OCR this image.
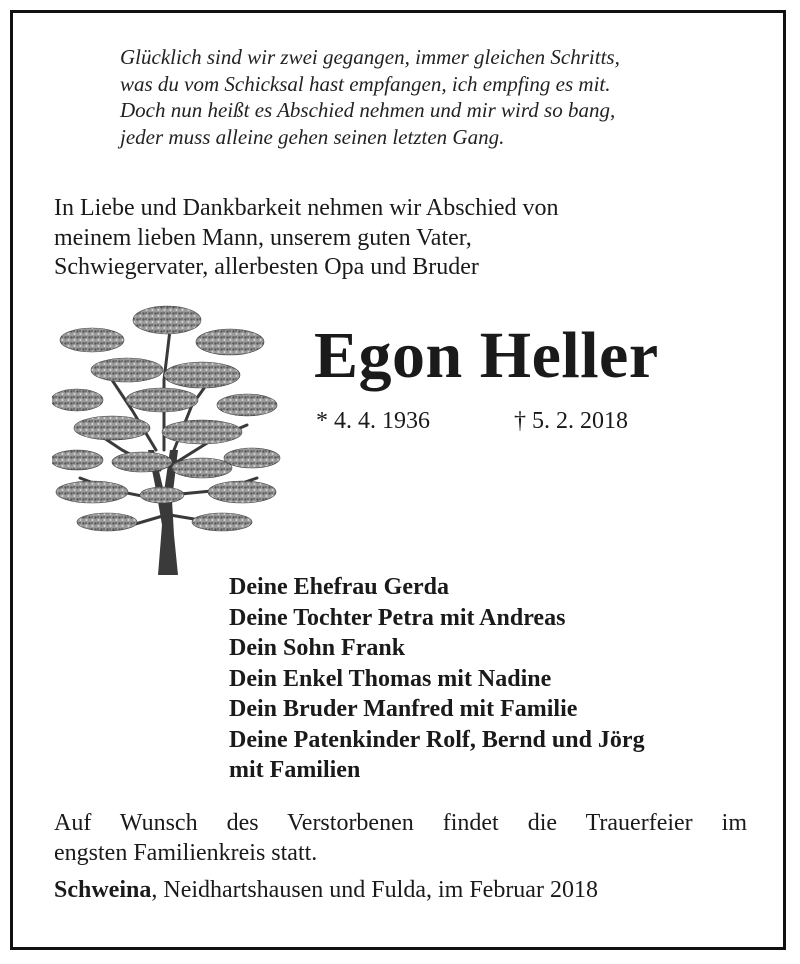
Glücklich sind wir zwei gegangen, immer gleichen Schritts,
was du vom Schicksal hast empfangen, ich empfing es mit.
Doch nun heißt es Abschied nehmen und mir wird so bang,
jeder muss alleine gehen seinen letzten Gang.
In Liebe und Dankbarkeit nehmen wir Abschied von
meinem lieben Mann, unserem guten Vater,
Schwiegervater, allerbesten Opa und Bruder
Egon Heller
* 4. 4. 1936	† 5. 2. 2018
Deine Ehefrau Gerda
Deine Tochter Petra mit Andreas
Dein Sohn Frank
Dein Enkel Thomas mit Nadine
Dein Bruder Manfred mit Familie
Deine Patenkinder Rolf, Bernd und Jörg
mit Familien
Auf Wunsch des Verstorbenen findet die Trauerfeier im
engsten Familienkreis statt.
Schweina, Neidhartshausen und Fulda, im Februar 2018
